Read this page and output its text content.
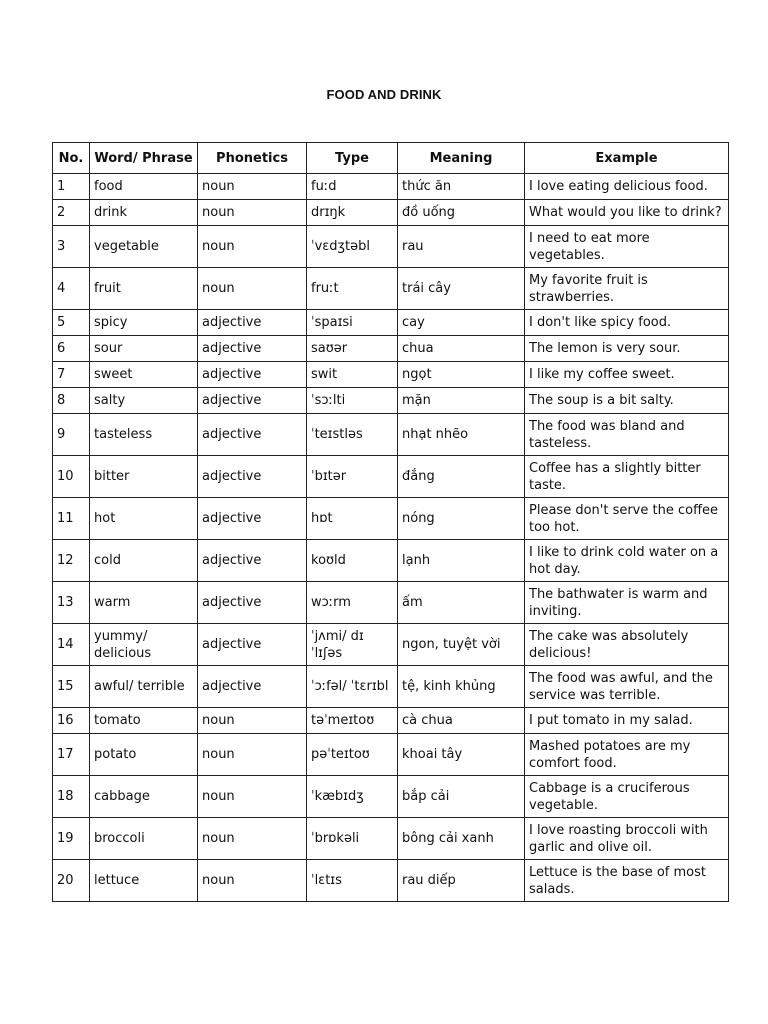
FOOD AND DRINK
No.	Word/ Phrase	Phonetics	Type	Meaning	Example
1	food	noun	fuːd	thức ăn	I love eating delicious food.
2	drink	noun	drɪŋk	đồ uống	What would you like to drink?
3	vegetable	noun	ˈvɛdʒtəbl	rau	I need to eat more vegetables.
4	fruit	noun	fruːt	trái cây	My favorite fruit is strawberries.
5	spicy	adjective	ˈspaɪsi	cay	I don't like spicy food.
6	sour	adjective	saʊər	chua	The lemon is very sour.
7	sweet	adjective	swit	ngọt	I like my coffee sweet.
8	salty	adjective	ˈsɔːlti	mặn	The soup is a bit salty.
9	tasteless	adjective	ˈteɪstləs	nhạt nhẽo	The food was bland and tasteless.
10	bitter	adjective	ˈbɪtər	đắng	Coffee has a slightly bitter taste.
11	hot	adjective	hɒt	nóng	Please don't serve the coffee too hot.
12	cold	adjective	koʊld	lạnh	I like to drink cold water on a hot day.
13	warm	adjective	wɔːrm	ấm	The bathwater is warm and inviting.
14	yummy/ delicious	adjective	ˈjʌmi/ dɪˈlɪʃəs	ngon, tuyệt vời	The cake was absolutely delicious!
15	awful/ terrible	adjective	ˈɔːfəl/ ˈtɛrɪbl	tệ, kinh khủng	The food was awful, and the service was terrible.
16	tomato	noun	təˈmeɪtoʊ	cà chua	I put tomato in my salad.
17	potato	noun	pəˈteɪtoʊ	khoai tây	Mashed potatoes are my comfort food.
18	cabbage	noun	ˈkæbɪdʒ	bắp cải	Cabbage is a cruciferous vegetable.
19	broccoli	noun	ˈbrɒkəli	bông cải xanh	I love roasting broccoli with garlic and olive oil.
20	lettuce	noun	ˈlɛtɪs	rau diếp	Lettuce is the base of most salads.
